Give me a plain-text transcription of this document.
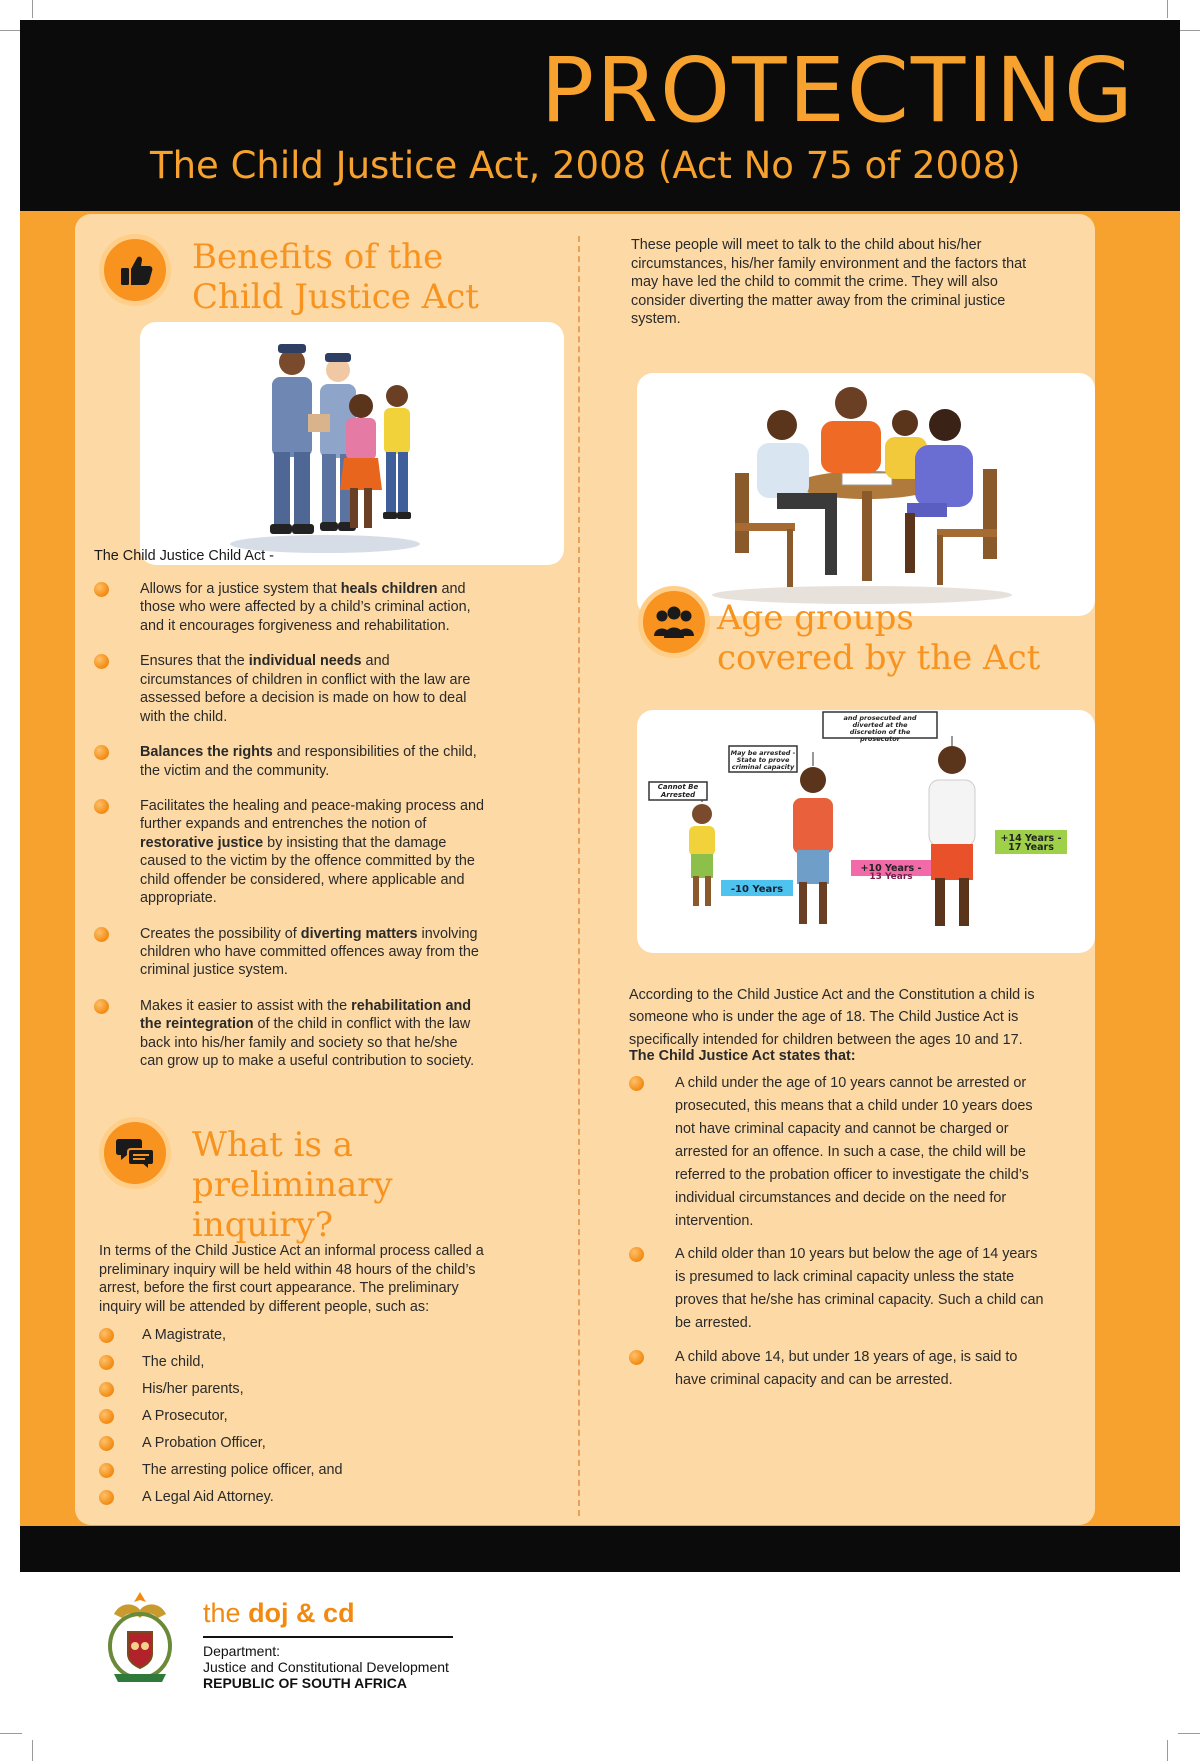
PROTECTING
The Child Justice Act, 2008 (Act No 75 of 2008)
Benefits of the Child Justice Act
The Child Justice Child Act -
Allows for a justice system that heals children and those who were affected by a child’s criminal action, and it encourages forgiveness and rehabilitation.
Ensures that the individual needs and circumstances of children in conflict with the law are assessed before a decision is made on how to deal with the child.
Balances the rights and responsibilities of the child, the victim and the community.
Facilitates the healing and peace-making process and further expands and entrenches the notion of restorative justice by insisting that the damage caused to the victim by the offence committed by the child offender be considered, where applicable and appropriate.
Creates the possibility of diverting matters involving children who have committed offences away from the criminal justice system.
Makes it easier to assist with the rehabilitation and the reintegration of the child in conflict with the law back into his/her family and society so that he/she can grow up to make a useful contribution to society.
What is a preliminary inquiry?
In terms of the Child Justice Act an informal process called a preliminary inquiry will be held within 48 hours of the child’s arrest, before the first court appearance. The preliminary inquiry will be attended by different people, such as:
A Magistrate,
The child,
His/her parents,
A Prosecutor,
A Probation Officer,
The arresting police officer, and
A Legal Aid Attorney.
These people will meet to talk to the child about his/her circumstances, his/her family environment and the factors that may have led the child to commit the crime. They will also consider diverting the matter away from the criminal justice system.
Age groups covered by the Act
Cannot Be
Arrested
-10 Years
May be arrested -
State to prove
criminal capacity
+10 Years -
13 Years
and prosecuted and
diverted at the
discretion of the
prosecutor
+14 Years -
17 Years
According to the Child Justice Act and the Constitution a child is someone who is under the age of 18. The Child Justice Act is specifically intended for children between the ages 10 and 17.
The Child Justice Act states that:
A child under the age of 10 years cannot be arrested or prosecuted, this means that a child under 10 years does not have criminal capacity and cannot be charged or arrested for an offence. In such a case, the child will be referred to the probation officer to investigate the child’s individual circumstances and decide on the need for intervention.
A child older than 10 years but below the age of 14 years is presumed to lack criminal capacity unless the state proves that he/she has criminal capacity. Such a child can be arrested.
A child above 14, but under 18 years of age, is said to have criminal capacity and can be arrested.
the doj & cd
Department:
Justice and Constitutional Development
REPUBLIC OF SOUTH AFRICA
